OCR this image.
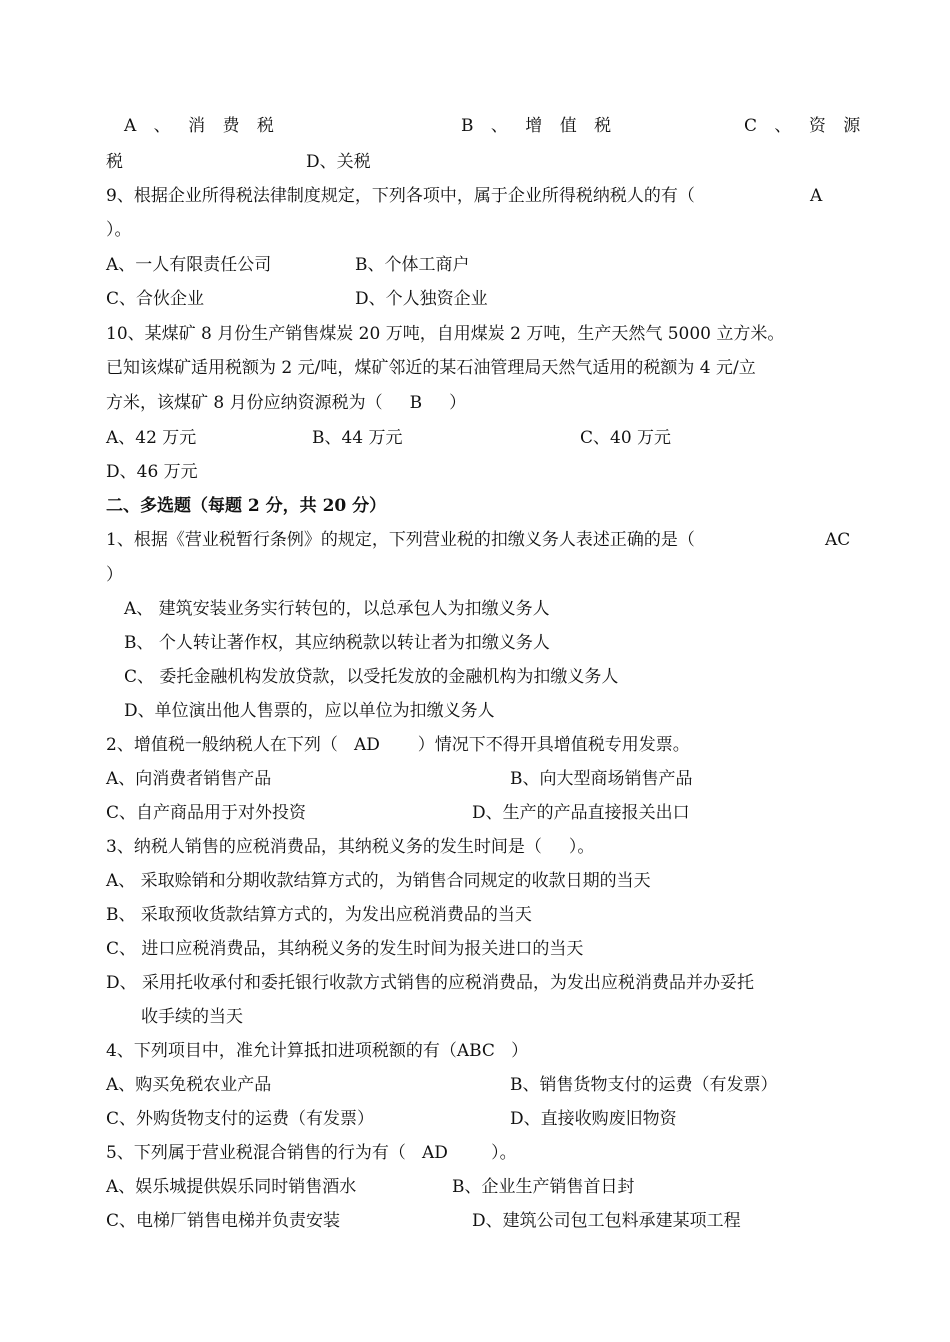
A 、 消 费 税	B 、 增 值 税	C 、 资 源
税	D、关税
9、根据企业所得税法律制度规定，下列各项中，属于企业所得税纳税人的有（	A
）。
A、一人有限责任公司	B、个体工商户
C、合伙企业	D、个人独资企业
10、某煤矿 8 月份生产销售煤炭 20 万吨，自用煤炭 2 万吨，生产天然气 5000 立方米。
已知该煤矿适用税额为 2 元/吨，煤矿邻近的某石油管理局天然气适用的税额为 4 元/立
方米，该煤矿 8 月份应纳资源税为（     B     ）
A、42 万元	B、44 万元	C、40 万元
D、46 万元
二、多选题（每题 2 分，共 20 分）
1、根据《营业税暂行条例》的规定，下列营业税的扣缴义务人表述正确的是（	AC
）
A、 建筑安装业务实行转包的，以总承包人为扣缴义务人
B、 个人转让著作权，其应纳税款以转让者为扣缴义务人
C、 委托金融机构发放贷款，以受托发放的金融机构为扣缴义务人
D、单位演出他人售票的，应以单位为扣缴义务人
2、增值税一般纳税人在下列（   AD       ）情况下不得开具增值税专用发票。
A、向消费者销售产品	B、向大型商场销售产品
C、自产商品用于对外投资	D、生产的产品直接报关出口
3、纳税人销售的应税消费品，其纳税义务的发生时间是（     ）。
A、 采取赊销和分期收款结算方式的，为销售合同规定的收款日期的当天
B、 采取预收货款结算方式的，为发出应税消费品的当天
C、 进口应税消费品，其纳税义务的发生时间为报关进口的当天
D、 采用托收承付和委托银行收款方式销售的应税消费品，为发出应税消费品并办妥托
收手续的当天
4、下列项目中，准允计算抵扣进项税额的有（ABC   ）
A、购买免税农业产品	B、销售货物支付的运费（有发票）
C、外购货物支付的运费（有发票）	D、直接收购废旧物资
5、下列属于营业税混合销售的行为有（   AD        ）。
A、娱乐城提供娱乐同时销售酒水	B、企业生产销售首日封
C、电梯厂销售电梯并负责安装	D、建筑公司包工包料承建某项工程
